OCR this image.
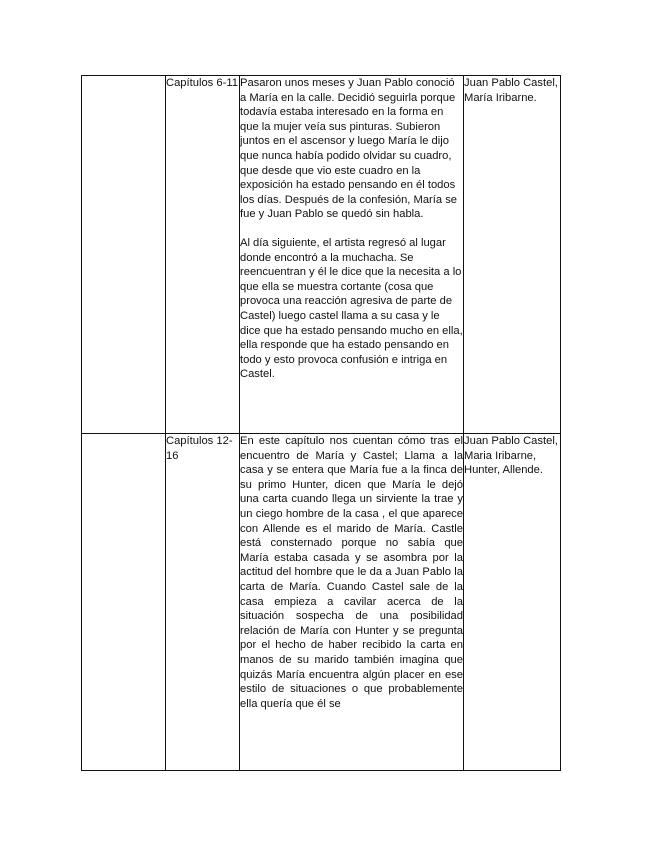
	Capítulos 6-11	Pasaron unos meses y Juan Pablo conoció a María en la calle. Decidió seguirla porque todavía estaba interesado en la forma en que la mujer veía sus pinturas. Subieron juntos en el ascensor y luego María le dijo que nunca había podido olvidar su cuadro, que desde que vio este cuadro en la exposición ha estado pensando en él todos los días. Después de la confesión, María se fue y Juan Pablo se quedó sin habla.

Al día siguiente, el artista regresó al lugar donde encontró a la muchacha. Se reencuentran y él le dice que la necesita a lo que ella se muestra cortante (cosa que provoca una reacción agresiva de parte de Castel) luego castel llama a su casa y le dice que ha estado pensando mucho en ella, ella responde que ha estado pensando en todo y esto provoca confusión e intriga en Castel.	Juan Pablo Castel, María Iribarne.
	Capítulos 12-16	En este capítulo nos cuentan cómo tras el encuentro de María y Castel; Llama a la casa y se entera que María fue a la finca de su primo Hunter, dicen que María le dejó una carta cuando llega un sirviente la trae y un ciego hombre de la casa , el que aparece con Allende es el marido de María. Castle está consternado porque no sabía que María estaba casada y se asombra por la actitud del hombre que le da a Juan Pablo la carta de María. Cuando Castel sale de la casa empieza a cavilar acerca de la situación sospecha de una posibilidad relación de María con Hunter y se pregunta por el hecho de haber recibido la carta en manos de su marido también imagina que quizás María encuentra algún placer en ese estilo de situaciones o que probablemente ella quería que él se	Juan Pablo Castel, Maria Iribarne, Hunter, Allende.
